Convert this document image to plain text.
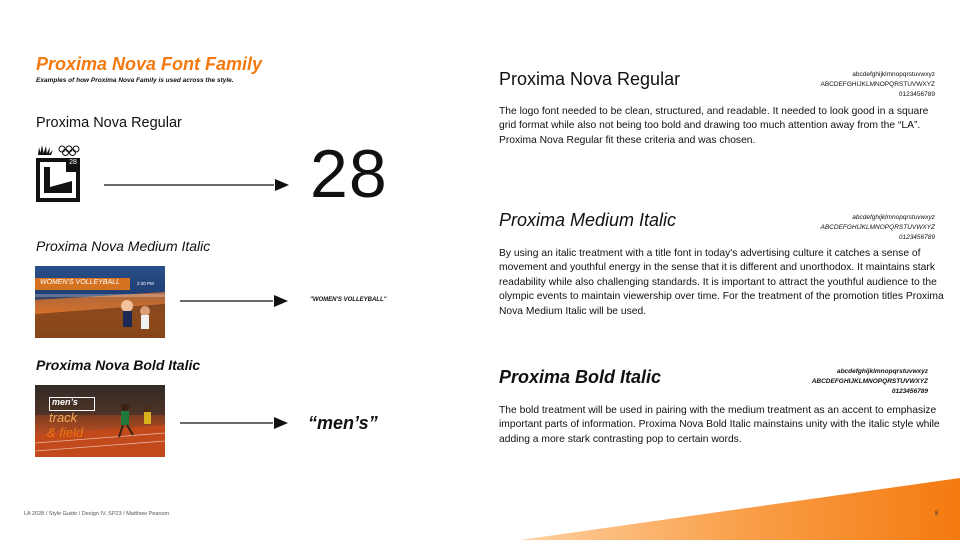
Proxima Nova Font Family
Examples of how Proxima Nova Family is used across the style.
Proxima Nova Regular
28	28
Proxima Nova Medium Italic
WOMEN'S VOLLEYBALL	2:30 PM
"WOMEN'S VOLLEYBALL"
Proxima Nova Bold Italic
men’s
track
& field	“men’s”
Proxima Nova Regular	abcdefghijklmnopqrstuvwxyz
ABCDEFGHIJKLMNOPQRSTUVWXYZ
0123456789
The logo font needed to be clean, structured, and readable. It needed to look good in a square grid format while also not being too bold and drawing too much attention away from the “LA”. Proxima Nova Regular fit these criteria and was chosen.
Proxima Medium Italic	abcdefghijklmnopqrstuvwxyz
ABCDEFGHIJKLMNOPQRSTUVWXYZ
0123456789
By using an italic treatment with a title font in today's advertising culture it catches a sense of movement and youthful energy in the sense that it is different and unorthodox. It maintains stark readability while also challenging standards. It is important to attract the youthful audience to the olympic events to maintain viewership over time. For the treatment of the promotion titles Proxima Nova Medium Italic will be used.
Proxima Bold Italic	abcdefghijklmnopqrstuvwxyz
ABCDEFGHIJKLMNOPQRSTUVWXYZ
0123456789
The bold treatment will be used in pairing with the medium treatment as an accent to emphasize important parts of information. Proxima Nova Bold Italic mainstains unity with the italic style while adding a more stark contrasting pop to certain words.
LA 2028 / Style Guide / Design IV, SP23 / Matthew Pearson	8
